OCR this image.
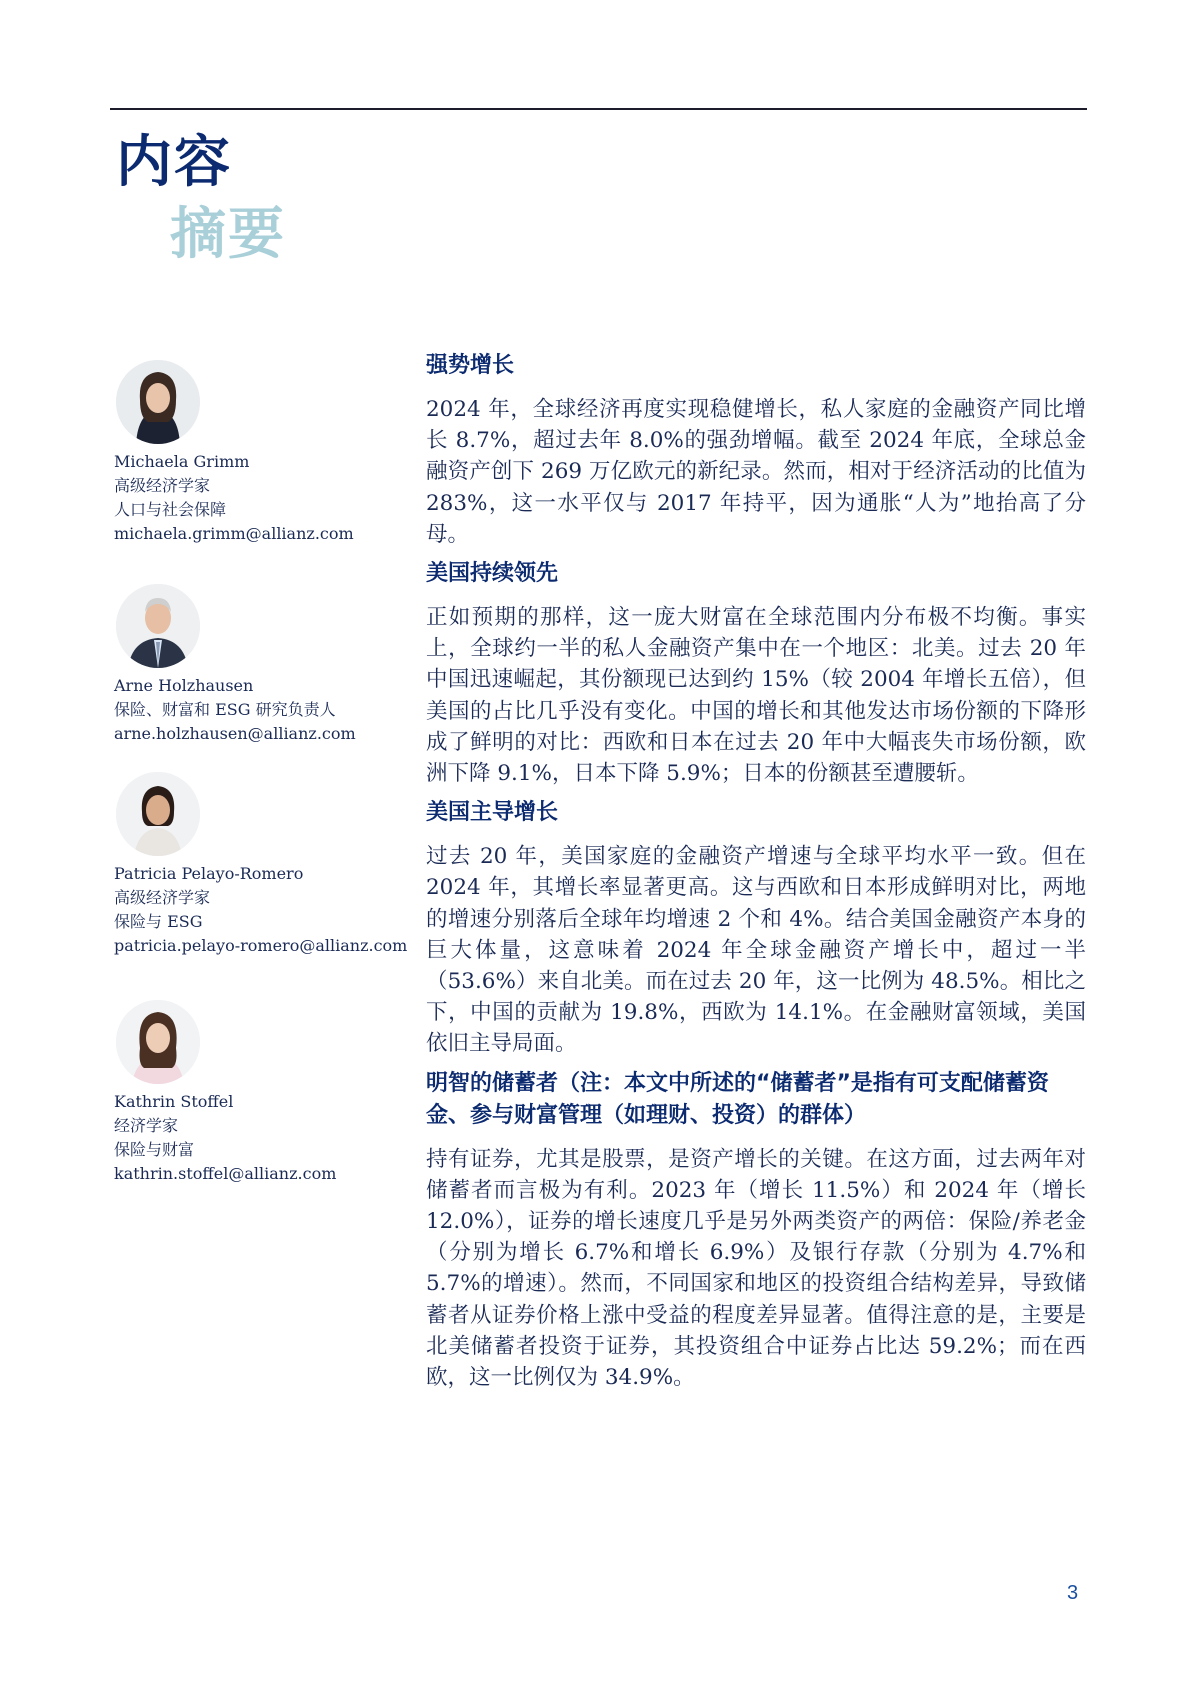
内容
摘要
Michaela Grimm
高级经济学家
人口与社会保障
michaela.grimm@allianz.com
Arne Holzhausen
保险、财富和 ESG 研究负责人
arne.holzhausen@allianz.com
Patricia Pelayo-Romero
高级经济学家
保险与 ESG
patricia.pelayo-romero@allianz.com
Kathrin Stoffel
经济学家
保险与财富
kathrin.stoffel@allianz.com
强势增长

2024 年，全球经济再度实现稳健增长，私人家庭的金融资产同比增长 8.7%，超过去年 8.0%的强劲增幅。截至 2024 年底，全球总金融资产创下 269 万亿欧元的新纪录。然而，相对于经济活动的比值为 283%，这一水平仅与 2017 年持平，因为通胀“人为”地抬高了分母。

美国持续领先

正如预期的那样，这一庞大财富在全球范围内分布极不均衡。事实上，全球约一半的私人金融资产集中在一个地区：北美。过去 20 年中国迅速崛起，其份额现已达到约 15%（较 2004 年增长五倍），但美国的占比几乎没有变化。中国的增长和其他发达市场份额的下降形成了鲜明的对比：西欧和日本在过去 20 年中大幅丧失市场份额，欧洲下降 9.1%，日本下降 5.9%；日本的份额甚至遭腰斩。

美国主导增长

过去 20 年，美国家庭的金融资产增速与全球平均水平一致。但在 2024 年，其增长率显著更高。这与西欧和日本形成鲜明对比，两地的增速分别落后全球年均增速 2 个和 4%。结合美国金融资产本身的巨大体量，这意味着 2024 年全球金融资产增长中，超过一半（53.6%）来自北美。而在过去 20 年，这一比例为 48.5%。相比之下，中国的贡献为 19.8%，西欧为 14.1%。在金融财富领域，美国依旧主导局面。

明智的储蓄者（注：本文中所述的“储蓄者”是指有可支配储蓄资金、参与财富管理（如理财、投资）的群体）

持有证券，尤其是股票，是资产增长的关键。在这方面，过去两年对储蓄者而言极为有利。2023 年（增长 11.5%）和 2024 年（增长 12.0%），证券的增长速度几乎是另外两类资产的两倍：保险/养老金（分别为增长 6.7%和增长 6.9%）及银行存款（分别为 4.7%和 5.7%的增速）。然而，不同国家和地区的投资组合结构差异，导致储蓄者从证券价格上涨中受益的程度差异显著。值得注意的是，主要是北美储蓄者投资于证券，其投资组合中证券占比达 59.2%；而在西欧，这一比例仅为 34.9%。

3
